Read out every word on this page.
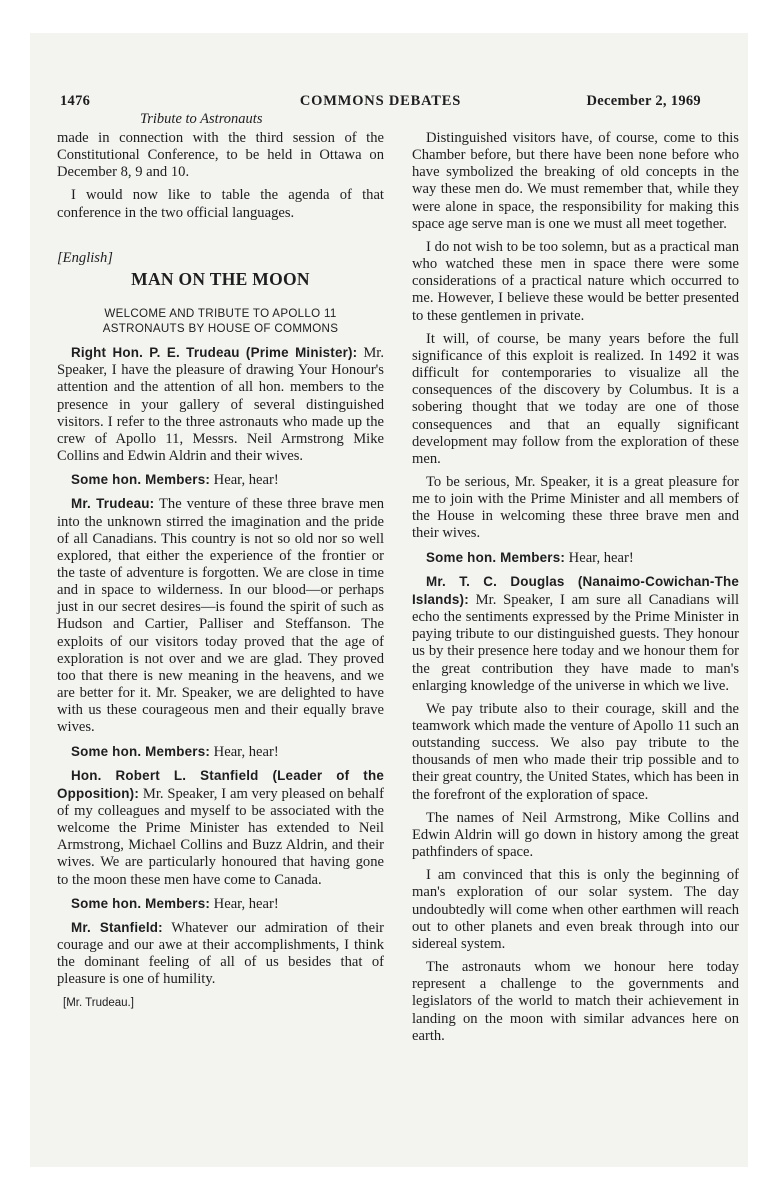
1476	COMMONS DEBATES	December 2, 1969
Tribute to Astronauts

made in connection with the third session of the Constitutional Conference, to be held in Ottawa on December 8, 9 and 10.

I would now like to table the agenda of that conference in the two official languages.

[English]
MAN ON THE MOON
WELCOME AND TRIBUTE TO APOLLO 11
ASTRONAUTS BY HOUSE OF COMMONS

Right Hon. P. E. Trudeau (Prime Minister): Mr. Speaker, I have the pleasure of drawing Your Honour's attention and the attention of all hon. members to the presence in your gallery of several distinguished visitors. I refer to the three astronauts who made up the crew of Apollo 11, Messrs. Neil Armstrong Mike Collins and Edwin Aldrin and their wives.

Some hon. Members: Hear, hear!

Mr. Trudeau: The venture of these three brave men into the unknown stirred the imagination and the pride of all Canadians. This country is not so old nor so well explored, that either the experience of the frontier or the taste of adventure is forgotten. We are close in time and in space to wilderness. In our blood—or perhaps just in our secret desires—is found the spirit of such as Hudson and Cartier, Palliser and Steffanson. The exploits of our visitors today proved that the age of exploration is not over and we are glad. They proved too that there is new meaning in the heavens, and we are better for it. Mr. Speaker, we are delighted to have with us these courageous men and their equally brave wives.

Some hon. Members: Hear, hear!

Hon. Robert L. Stanfield (Leader of the Opposition): Mr. Speaker, I am very pleased on behalf of my colleagues and myself to be associated with the welcome the Prime Minister has extended to Neil Armstrong, Michael Collins and Buzz Aldrin, and their wives. We are particularly honoured that having gone to the moon these men have come to Canada.

Some hon. Members: Hear, hear!

Mr. Stanfield: Whatever our admiration of their courage and our awe at their accomplishments, I think the dominant feeling of all of us besides that of pleasure is one of humility.

[Mr. Trudeau.]

Distinguished visitors have, of course, come to this Chamber before, but there have been none before who have symbolized the breaking of old concepts in the way these men do. We must remember that, while they were alone in space, the responsibility for making this space age serve man is one we must all meet together.

I do not wish to be too solemn, but as a practical man who watched these men in space there were some considerations of a practical nature which occurred to me. However, I believe these would be better presented to these gentlemen in private.

It will, of course, be many years before the full significance of this exploit is realized. In 1492 it was difficult for contemporaries to visualize all the consequences of the discovery by Columbus. It is a sobering thought that we today are one of those consequences and that an equally significant development may follow from the exploration of these men.

To be serious, Mr. Speaker, it is a great pleasure for me to join with the Prime Minister and all members of the House in welcoming these three brave men and their wives.

Some hon. Members: Hear, hear!

Mr. T. C. Douglas (Nanaimo-Cowichan-The Islands): Mr. Speaker, I am sure all Canadians will echo the sentiments expressed by the Prime Minister in paying tribute to our distinguished guests. They honour us by their presence here today and we honour them for the great contribution they have made to man's enlarging knowledge of the universe in which we live.

We pay tribute also to their courage, skill and the teamwork which made the venture of Apollo 11 such an outstanding success. We also pay tribute to the thousands of men who made their trip possible and to their great country, the United States, which has been in the forefront of the exploration of space.

The names of Neil Armstrong, Mike Collins and Edwin Aldrin will go down in history among the great pathfinders of space.

I am convinced that this is only the beginning of man's exploration of our solar system. The day undoubtedly will come when other earthmen will reach out to other planets and even break through into our sidereal system.

The astronauts whom we honour here today represent a challenge to the governments and legislators of the world to match their achievement in landing on the moon with similar advances here on earth.
